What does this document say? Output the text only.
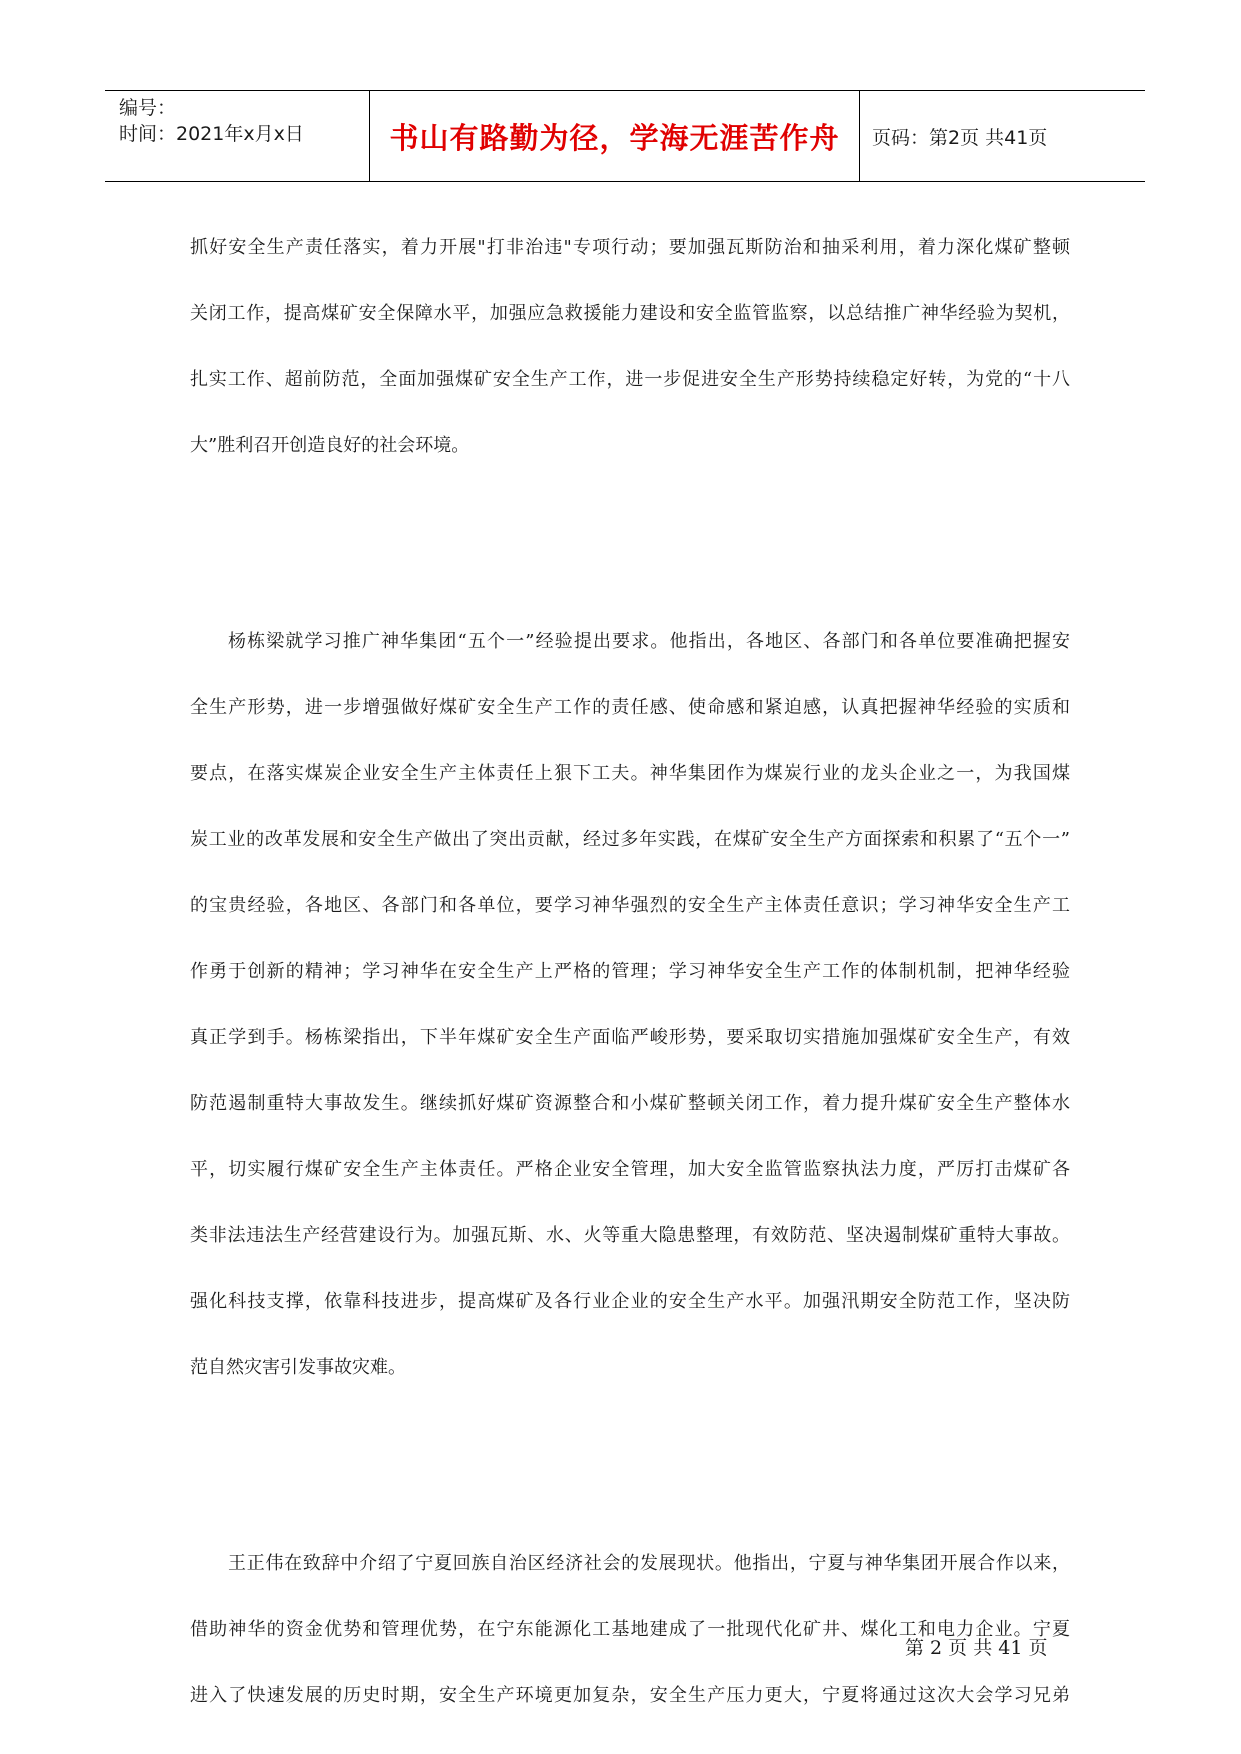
编号：
时间：2021年x月x日	书山有路勤为径，学海无涯苦作舟 页码：第2页 共41页

抓好安全生产责任落实，着力开展"打非治违"专项行动；要加强瓦斯防治和抽采利用，着力深化煤矿整顿

关闭工作，提高煤矿安全保障水平，加强应急救援能力建设和安全监管监察，以总结推广神华经验为契机，

扎实工作、超前防范，全面加强煤矿安全生产工作，进一步促进安全生产形势持续稳定好转，为党的“十八

大”胜利召开创造良好的社会环境。

杨栋梁就学习推广神华集团“五个一”经验提出要求。他指出，各地区、各部门和各单位要准确把握安

全生产形势，进一步增强做好煤矿安全生产工作的责任感、使命感和紧迫感，认真把握神华经验的实质和

要点，在落实煤炭企业安全生产主体责任上狠下工夫。神华集团作为煤炭行业的龙头企业之一，为我国煤

炭工业的改革发展和安全生产做出了突出贡献，经过多年实践，在煤矿安全生产方面探索和积累了“五个一”

的宝贵经验，各地区、各部门和各单位，要学习神华强烈的安全生产主体责任意识；学习神华安全生产工

作勇于创新的精神；学习神华在安全生产上严格的管理；学习神华安全生产工作的体制机制，把神华经验

真正学到手。杨栋梁指出，下半年煤矿安全生产面临严峻形势，要采取切实措施加强煤矿安全生产，有效

防范遏制重特大事故发生。继续抓好煤矿资源整合和小煤矿整顿关闭工作，着力提升煤矿安全生产整体水

平，切实履行煤矿安全生产主体责任。严格企业安全管理，加大安全监管监察执法力度，严厉打击煤矿各

类非法违法生产经营建设行为。加强瓦斯、水、火等重大隐患整理，有效防范、坚决遏制煤矿重特大事故。

强化科技支撑，依靠科技进步，提高煤矿及各行业企业的安全生产水平。加强汛期安全防范工作，坚决防

范自然灾害引发事故灾难。

王正伟在致辞中介绍了宁夏回族自治区经济社会的发展现状。他指出，宁夏与神华集团开展合作以来，

借助神华的资金优势和管理优势，在宁东能源化工基地建成了一批现代化矿井、煤化工和电力企业。宁夏

进入了快速发展的历史时期，安全生产环境更加复杂，安全生产压力更大，宁夏将通过这次大会学习兄弟

第 2 页 共 41 页
